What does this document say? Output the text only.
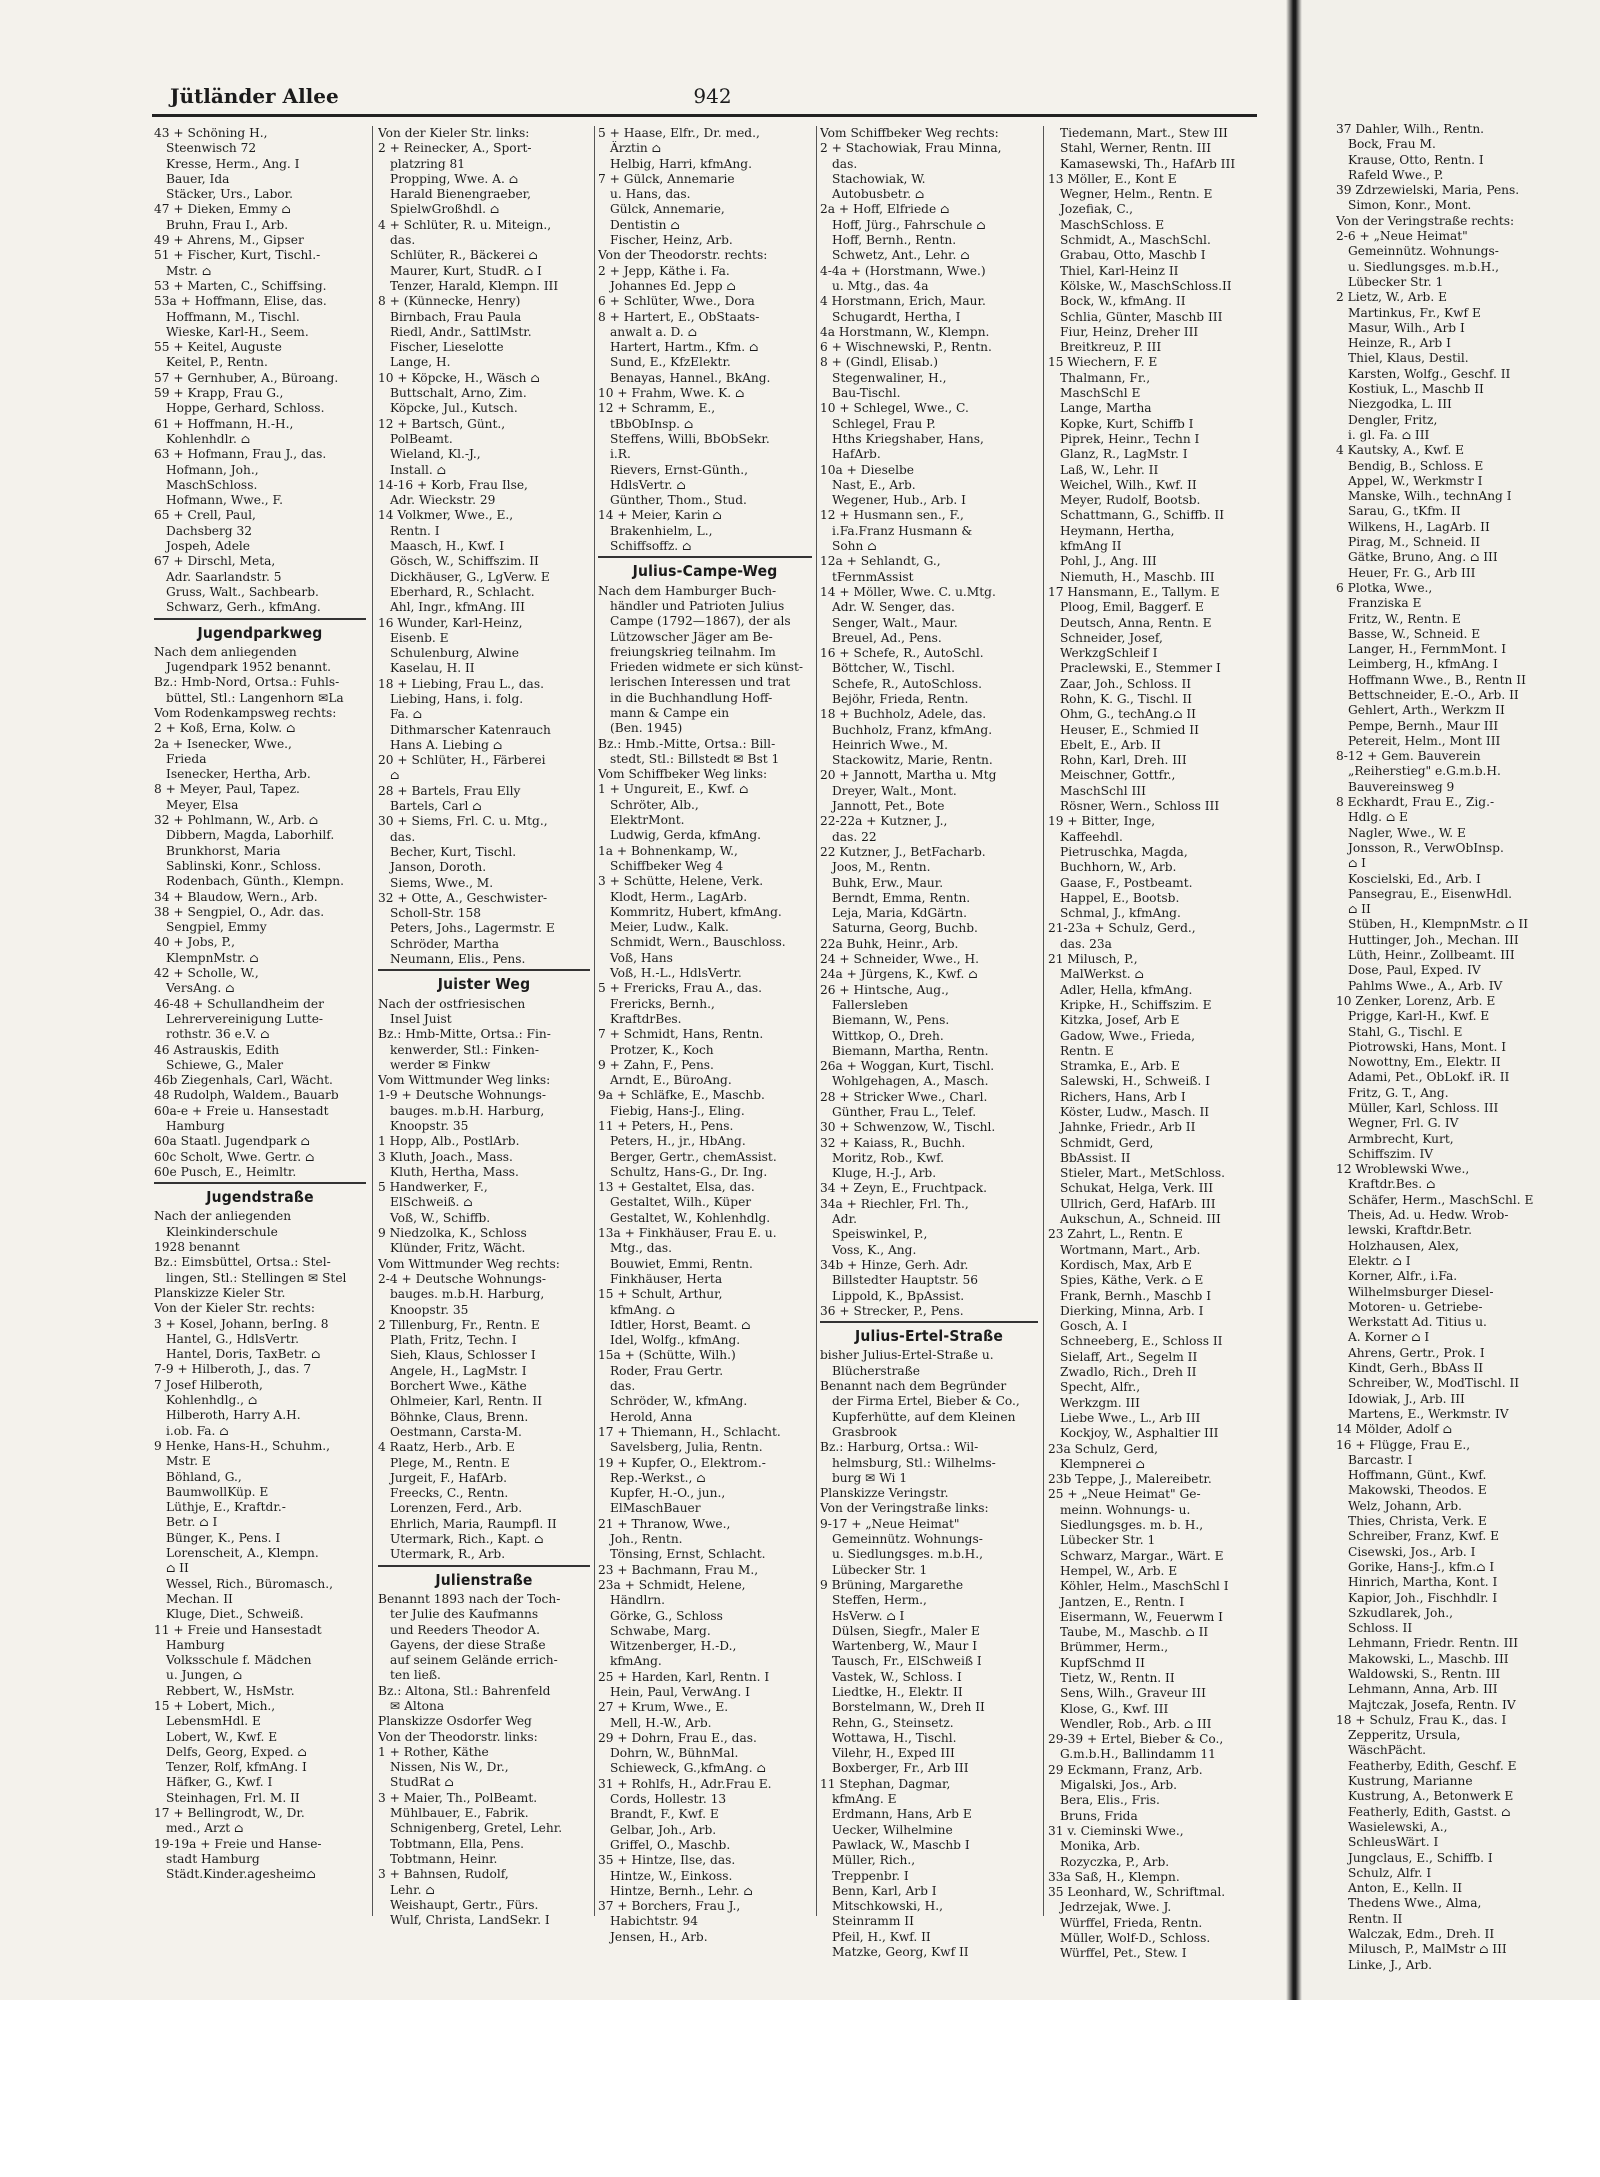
Jütländer Allee	942
43 + Schöning H.,
Steenwisch 72
Kresse, Herm., Ang. I
Bauer, Ida
Stäcker, Urs., Labor.
47 + Dieken, Emmy ⌂
Bruhn, Frau I., Arb.
49 + Ahrens, M., Gipser
51 + Fischer, Kurt, Tischl.-
Mstr. ⌂
53 + Marten, C., Schiffsing.
53a + Hoffmann, Elise, das.
Hoffmann, M., Tischl.
Wieske, Karl-H., Seem.
55 + Keitel, Auguste
Keitel, P., Rentn.
57 + Gernhuber, A., Büroang.
59 + Krapp, Frau G.,
Hoppe, Gerhard, Schloss.
61 + Hoffmann, H.-H.,
Kohlenhdlr. ⌂
63 + Hofmann, Frau J., das.
Hofmann, Joh.,
MaschSchloss.
Hofmann, Wwe., F.
65 + Crell, Paul,
Dachsberg 32
Jospeh, Adele
67 + Dirschl, Meta,
Adr. Saarlandstr. 5
Gruss, Walt., Sachbearb.
Schwarz, Gerh., kfmAng.
Jugendparkweg
Nach dem anliegenden
Jugendpark 1952 benannt.
Bz.: Hmb-Nord, Ortsa.: Fuhls-
büttel, Stl.: Langenhorn ✉La
Vom Rodenkampsweg rechts:
2 + Koß, Erna, Kolw. ⌂
2a + Isenecker, Wwe.,
Frieda
Isenecker, Hertha, Arb.
8 + Meyer, Paul, Tapez.
Meyer, Elsa
32 + Pohlmann, W., Arb. ⌂
Dibbern, Magda, Laborhilf.
Brunkhorst, Maria
Sablinski, Konr., Schloss.
Rodenbach, Günth., Klempn.
34 + Blaudow, Wern., Arb.
38 + Sengpiel, O., Adr. das.
Sengpiel, Emmy
40 + Jobs, P.,
KlempnMstr. ⌂
42 + Scholle, W.,
VersAng. ⌂
46-48 + Schullandheim der
Lehrervereinigung Lutte-
rothstr. 36 e.V. ⌂
46 Astrauskis, Edith
Schiewe, G., Maler
46b Ziegenhals, Carl, Wächt.
48 Rudolph, Waldem., Bauarb
60a-e + Freie u. Hansestadt
Hamburg
60a Staatl. Jugendpark ⌂
60c Scholt, Wwe. Gertr. ⌂
60e Pusch, E., Heimltr.
Jugendstraße
Nach der anliegenden
Kleinkinderschule
1928 benannt
Bz.: Eimsbüttel, Ortsa.: Stel-
lingen, Stl.: Stellingen ✉ Stel
Planskizze Kieler Str.
Von der Kieler Str. rechts:
3 + Kosel, Johann, berIng. 8
Hantel, G., HdlsVertr.
Hantel, Doris, TaxBetr. ⌂
7-9 + Hilberoth, J., das. 7
7 Josef Hilberoth,
Kohlenhdlg., ⌂
Hilberoth, Harry A.H.
i.ob. Fa. ⌂
9 Henke, Hans-H., Schuhm.,
Mstr. E
Böhland, G.,
BaumwollKüp. E
Lüthje, E., Kraftdr.-
Betr. ⌂ I
Bünger, K., Pens. I
Lorenscheit, A., Klempn.
⌂ II
Wessel, Rich., Büromasch.,
Mechan. II
Kluge, Diet., Schweiß.
11 + Freie und Hansestadt
Hamburg
Volksschule f. Mädchen
u. Jungen, ⌂
Rebbert, W., HsMstr.
15 + Lobert, Mich.,
LebensmHdl. E
Lobert, W., Kwf. E
Delfs, Georg, Exped. ⌂
Tenzer, Rolf, kfmAng. I
Häfker, G., Kwf. I
Steinhagen, Frl. M. II
17 + Bellingrodt, W., Dr.
med., Arzt ⌂
19-19a + Freie und Hanse-
stadt Hamburg
Städt.Kinder.agesheim⌂
Von der Kieler Str. links:
2 + Reinecker, A., Sport-
platzring 81
Propping, Wwe. A. ⌂
Harald Bienengraeber,
SpielwGroßhdl. ⌂
4 + Schlüter, R. u. Miteign.,
das.
Schlüter, R., Bäckerei ⌂
Maurer, Kurt, StudR. ⌂ I
Tenzer, Harald, Klempn. III
8 + (Künnecke, Henry)
Birnbach, Frau Paula
Riedl, Andr., SattlMstr.
Fischer, Lieselotte
Lange, H.
10 + Köpcke, H., Wäsch ⌂
Buttschalt, Arno, Zim.
Köpcke, Jul., Kutsch.
12 + Bartsch, Günt.,
PolBeamt.
Wieland, Kl.-J.,
Install. ⌂
14-16 + Korb, Frau Ilse,
Adr. Wieckstr. 29
14 Volkmer, Wwe., E.,
Rentn. I
Maasch, H., Kwf. I
Gösch, W., Schiffszim. II
Dickhäuser, G., LgVerw. E
Eberhard, R., Schlacht.
Ahl, Ingr., kfmAng. III
16 Wunder, Karl-Heinz,
Eisenb. E
Schulenburg, Alwine
Kaselau, H. II
18 + Liebing, Frau L., das.
Liebing, Hans, i. folg.
Fa. ⌂
Dithmarscher Katenrauch
Hans A. Liebing ⌂
20 + Schlüter, H., Färberei
⌂
28 + Bartels, Frau Elly
Bartels, Carl ⌂
30 + Siems, Frl. C. u. Mtg.,
das.
Becher, Kurt, Tischl.
Janson, Doroth.
Siems, Wwe., M.
32 + Otte, A., Geschwister-
Scholl-Str. 158
Peters, Johs., Lagermstr. E
Schröder, Martha
Neumann, Elis., Pens.
Juister Weg
Nach der ostfriesischen
Insel Juist
Bz.: Hmb-Mitte, Ortsa.: Fin-
kenwerder, Stl.: Finken-
werder ✉ Finkw
Vom Wittmunder Weg links:
1-9 + Deutsche Wohnungs-
bauges. m.b.H. Harburg,
Knoopstr. 35
1 Hopp, Alb., PostlArb.
3 Kluth, Joach., Mass.
Kluth, Hertha, Mass.
5 Handwerker, F.,
ElSchweiß. ⌂
Voß, W., Schiffb.
9 Niedzolka, K., Schloss
Klünder, Fritz, Wächt.
Vom Wittmunder Weg rechts:
2-4 + Deutsche Wohnungs-
bauges. m.b.H. Harburg,
Knoopstr. 35
2 Tillenburg, Fr., Rentn. E
Plath, Fritz, Techn. I
Sieh, Klaus, Schlosser I
Angele, H., LagMstr. I
Borchert Wwe., Käthe
Ohlmeier, Karl, Rentn. II
Böhnke, Claus, Brenn.
Oestmann, Carsta-M.
4 Raatz, Herb., Arb. E
Plege, M., Rentn. E
Jurgeit, F., HafArb.
Freecks, C., Rentn.
Lorenzen, Ferd., Arb.
Ehrlich, Maria, Raumpfl. II
Utermark, Rich., Kapt. ⌂
Utermark, R., Arb.
Julienstraße
Benannt 1893 nach der Toch-
ter Julie des Kaufmanns
und Reeders Theodor A.
Gayens, der diese Straße
auf seinem Gelände errich-
ten ließ.
Bz.: Altona, Stl.: Bahrenfeld
✉ Altona
Planskizze Osdorfer Weg
Von der Theodorstr. links:
1 + Rother, Käthe
Nissen, Nis W., Dr.,
StudRat ⌂
3 + Maier, Th., PolBeamt.
Mühlbauer, E., Fabrik.
Schnigenberg, Gretel, Lehr.
Tobtmann, Ella, Pens.
Tobtmann, Heinr.
3 + Bahnsen, Rudolf,
Lehr. ⌂
Weishaupt, Gertr., Fürs.
Wulf, Christa, LandSekr. I
5 + Haase, Elfr., Dr. med.,
Ärztin ⌂
Helbig, Harri, kfmAng.
7 + Gülck, Annemarie
u. Hans, das.
Gülck, Annemarie,
Dentistin ⌂
Fischer, Heinz, Arb.
Von der Theodorstr. rechts:
2 + Jepp, Käthe i. Fa.
Johannes Ed. Jepp ⌂
6 + Schlüter, Wwe., Dora
8 + Hartert, E., ObStaats-
anwalt a. D. ⌂
Hartert, Hartm., Kfm. ⌂
Sund, E., KfzElektr.
Benayas, Hannel., BkAng.
10 + Frahm, Wwe. K. ⌂
12 + Schramm, E.,
tBbObInsp. ⌂
Steffens, Willi, BbObSekr.
i.R.
Rievers, Ernst-Günth.,
HdlsVertr. ⌂
Günther, Thom., Stud.
14 + Meier, Karin ⌂
Brakenhielm, L.,
Schiffsoffz. ⌂
Julius-Campe-Weg
Nach dem Hamburger Buch-
händler und Patrioten Julius
Campe (1792—1867), der als
Lützowscher Jäger am Be-
freiungskrieg teilnahm. Im
Frieden widmete er sich künst-
lerischen Interessen und trat
in die Buchhandlung Hoff-
mann & Campe ein
(Ben. 1945)
Bz.: Hmb.-Mitte, Ortsa.: Bill-
stedt, Stl.: Billstedt ✉ Bst 1
Vom Schiffbeker Weg links:
1 + Ungureit, E., Kwf. ⌂
Schröter, Alb.,
ElektrMont.
Ludwig, Gerda, kfmAng.
1a + Bohnenkamp, W.,
Schiffbeker Weg 4
3 + Schütte, Helene, Verk.
Klodt, Herm., LagArb.
Kommritz, Hubert, kfmAng.
Meier, Ludw., Kalk.
Schmidt, Wern., Bauschloss.
Voß, Hans
Voß, H.-L., HdlsVertr.
5 + Frericks, Frau A., das.
Frericks, Bernh.,
KraftdrBes.
7 + Schmidt, Hans, Rentn.
Protzer, K., Koch
9 + Zahn, F., Pens.
Arndt, E., BüroAng.
9a + Schläfke, E., Maschb.
Fiebig, Hans-J., Eling.
11 + Peters, H., Pens.
Peters, H., jr., HbAng.
Berger, Gertr., chemAssist.
Schultz, Hans-G., Dr. Ing.
13 + Gestaltet, Elsa, das.
Gestaltet, Wilh., Küper
Gestaltet, W., Kohlenhdlg.
13a + Finkhäuser, Frau E. u.
Mtg., das.
Bouwiet, Emmi, Rentn.
Finkhäuser, Herta
15 + Schult, Arthur,
kfmAng. ⌂
Idtler, Horst, Beamt. ⌂
Idel, Wolfg., kfmAng.
15a + (Schütte, Wilh.)
Roder, Frau Gertr.
das.
Schröder, W., kfmAng.
Herold, Anna
17 + Thiemann, H., Schlacht.
Savelsberg, Julia, Rentn.
19 + Kupfer, O., Elektrom.-
Rep.-Werkst., ⌂
Kupfer, H.-O., jun.,
ElMaschBauer
21 + Thranow, Wwe.,
Joh., Rentn.
Tönsing, Ernst, Schlacht.
23 + Bachmann, Frau M.,
23a + Schmidt, Helene,
Händlrn.
Görke, G., Schloss
Schwabe, Marg.
Witzenberger, H.-D.,
kfmAng.
25 + Harden, Karl, Rentn. I
Hein, Paul, VerwAng. I
27 + Krum, Wwe., E.
Mell, H.-W., Arb.
29 + Dohrn, Frau E., das.
Dohrn, W., BühnMal.
Schieweck, G.,kfmAng. ⌂
31 + Rohlfs, H., Adr.Frau E.
Cords, Hollestr. 13
Brandt, F., Kwf. E
Gelbar, Joh., Arb.
Griffel, O., Maschb.
35 + Hintze, Ilse, das.
Hintze, W., Einkoss.
Hintze, Bernh., Lehr. ⌂
37 + Borchers, Frau J.,
Habichtstr. 94
Jensen, H., Arb.
Vom Schiffbeker Weg rechts:
2 + Stachowiak, Frau Minna,
das.
Stachowiak, W.
Autobusbetr. ⌂
2a + Hoff, Elfriede ⌂
Hoff, Jürg., Fahrschule ⌂
Hoff, Bernh., Rentn.
Schwetz, Ant., Lehr. ⌂
4-4a + (Horstmann, Wwe.)
u. Mtg., das. 4a
4 Horstmann, Erich, Maur.
Schugardt, Hertha, I
4a Horstmann, W., Klempn.
6 + Wischnewski, P., Rentn.
8 + (Gindl, Elisab.)
Stegenwaliner, H.,
Bau-Tischl.
10 + Schlegel, Wwe., C.
Schlegel, Frau P.
Hths Kriegshaber, Hans,
HafArb.
10a + Dieselbe
Nast, E., Arb.
Wegener, Hub., Arb. I
12 + Husmann sen., F.,
i.Fa.Franz Husmann &
Sohn ⌂
12a + Sehlandt, G.,
tFernmAssist
14 + Möller, Wwe. C. u.Mtg.
Adr. W. Senger, das.
Senger, Walt., Maur.
Breuel, Ad., Pens.
16 + Schefe, R., AutoSchl.
Böttcher, W., Tischl.
Schefe, R., AutoSchloss.
Bejöhr, Frieda, Rentn.
18 + Buchholz, Adele, das.
Buchholz, Franz, kfmAng.
Heinrich Wwe., M.
Stackowitz, Marie, Rentn.
20 + Jannott, Martha u. Mtg
Dreyer, Walt., Mont.
Jannott, Pet., Bote
22-22a + Kutzner, J.,
das. 22
22 Kutzner, J., BetFacharb.
Joos, M., Rentn.
Buhk, Erw., Maur.
Berndt, Emma, Rentn.
Leja, Maria, KdGärtn.
Saturna, Georg, Buchb.
22a Buhk, Heinr., Arb.
24 + Schneider, Wwe., H.
24a + Jürgens, K., Kwf. ⌂
26 + Hintsche, Aug.,
Fallersleben
Biemann, W., Pens.
Wittkop, O., Dreh.
Biemann, Martha, Rentn.
26a + Woggan, Kurt, Tischl.
Wohlgehagen, A., Masch.
28 + Stricker Wwe., Charl.
Günther, Frau L., Telef.
30 + Schwenzow, W., Tischl.
32 + Kaiass, R., Buchh.
Moritz, Rob., Kwf.
Kluge, H.-J., Arb.
34 + Zeyn, E., Fruchtpack.
34a + Riechler, Frl. Th.,
Adr.
Speiswinkel, P.,
Voss, K., Ang.
34b + Hinze, Gerh. Adr.
Billstedter Hauptstr. 56
Lippold, K., BpAssist.
36 + Strecker, P., Pens.
Julius-Ertel-Straße
bisher Julius-Ertel-Straße u.
Blücherstraße
Benannt nach dem Begründer
der Firma Ertel, Bieber & Co.,
Kupferhütte, auf dem Kleinen
Grasbrook
Bz.: Harburg, Ortsa.: Wil-
helmsburg, Stl.: Wilhelms-
burg ✉ Wi 1
Planskizze Veringstr.
Von der Veringstraße links:
9-17 + „Neue Heimat"
Gemeinnütz. Wohnungs-
u. Siedlungsges. m.b.H.,
Lübecker Str. 1
9 Brüning, Margarethe
Steffen, Herm.,
HsVerw. ⌂ I
Dülsen, Siegfr., Maler E
Wartenberg, W., Maur I
Tausch, Fr., ElSchweiß I
Vastek, W., Schloss. I
Liedtke, H., Elektr. II
Borstelmann, W., Dreh II
Rehn, G., Steinsetz.
Wottawa, H., Tischl.
Vilehr, H., Exped III
Boxberger, Fr., Arb III
11 Stephan, Dagmar,
kfmAng. E
Erdmann, Hans, Arb E
Uecker, Wilhelmine
Pawlack, W., Maschb I
Müller, Rich.,
Treppenbr. I
Benn, Karl, Arb I
Mitschkowski, H.,
Steinramm II
Pfeil, H., Kwf. II
Matzke, Georg, Kwf II
Tiedemann, Mart., Stew III
Stahl, Werner, Rentn. III
Kamasewski, Th., HafArb III
13 Möller, E., Kont E
Wegner, Helm., Rentn. E
Jozefiak, C.,
MaschSchloss. E
Schmidt, A., MaschSchl.
Grabau, Otto, Maschb I
Thiel, Karl-Heinz II
Kölske, W., MaschSchloss.II
Bock, W., kfmAng. II
Schlia, Günter, Maschb III
Fiur, Heinz, Dreher III
Breitkreuz, P. III
15 Wiechern, F. E
Thalmann, Fr.,
MaschSchl E
Lange, Martha
Kopke, Kurt, Schiffb I
Piprek, Heinr., Techn I
Glanz, R., LagMstr. I
Laß, W., Lehr. II
Weichel, Wilh., Kwf. II
Meyer, Rudolf, Bootsb.
Schattmann, G., Schiffb. II
Heymann, Hertha,
kfmAng II
Pohl, J., Ang. III
Niemuth, H., Maschb. III
17 Hansmann, E., Tallym. E
Ploog, Emil, Baggerf. E
Deutsch, Anna, Rentn. E
Schneider, Josef,
WerkzgSchleif I
Praclewski, E., Stemmer I
Zaar, Joh., Schloss. II
Rohn, K. G., Tischl. II
Ohm, G., techAng.⌂ II
Heuser, E., Schmied II
Ebelt, E., Arb. II
Rohn, Karl, Dreh. III
Meischner, Gottfr.,
MaschSchl III
Rösner, Wern., Schloss III
19 + Bitter, Inge,
Kaffeehdl.
Pietruschka, Magda,
Buchhorn, W., Arb.
Gaase, F., Postbeamt.
Happel, E., Bootsb.
Schmal, J., kfmAng.
21-23a + Schulz, Gerd.,
das. 23a
21 Milusch, P.,
MalWerkst. ⌂
Adler, Hella, kfmAng.
Kripke, H., Schiffszim. E
Kitzka, Josef, Arb E
Gadow, Wwe., Frieda,
Rentn. E
Stramka, E., Arb. E
Salewski, H., Schweiß. I
Richers, Hans, Arb I
Köster, Ludw., Masch. II
Jahnke, Friedr., Arb II
Schmidt, Gerd,
BbAssist. II
Stieler, Mart., MetSchloss.
Schukat, Helga, Verk. III
Ullrich, Gerd, HafArb. III
Aukschun, A., Schneid. III
23 Zahrt, L., Rentn. E
Wortmann, Mart., Arb.
Kordisch, Max, Arb E
Spies, Käthe, Verk. ⌂ E
Frank, Bernh., Maschb I
Dierking, Minna, Arb. I
Gosch, A. I
Schneeberg, E., Schloss II
Sielaff, Art., Segelm II
Zwadlo, Rich., Dreh II
Specht, Alfr.,
Werkzgm. III
Liebe Wwe., L., Arb III
Kockjoy, W., Asphaltier III
23a Schulz, Gerd,
Klempnerei ⌂
23b Teppe, J., Malereibetr.
25 + „Neue Heimat" Ge-
meinn. Wohnungs- u.
Siedlungsges. m. b. H.,
Lübecker Str. 1
Schwarz, Margar., Wärt. E
Hempel, W., Arb. E
Köhler, Helm., MaschSchl I
Jantzen, E., Rentn. I
Eisermann, W., Feuerwm I
Taube, M., Maschb. ⌂ II
Brümmer, Herm.,
KupfSchmd II
Tietz, W., Rentn. II
Sens, Wilh., Graveur III
Klose, G., Kwf. III
Wendler, Rob., Arb. ⌂ III
29-39 + Ertel, Bieber & Co.,
G.m.b.H., Ballindamm 11
29 Eckmann, Franz, Arb.
Migalski, Jos., Arb.
Bera, Elis., Fris.
Bruns, Frida
31 v. Cieminski Wwe.,
Monika, Arb.
Rozyczka, P., Arb.
33a Saß, H., Klempn.
35 Leonhard, W., Schriftmal.
Jedrzejak, Wwe. J.
Würffel, Frieda, Rentn.
Müller, Wolf-D., Schloss.
Würffel, Pet., Stew. I
37 Dahler, Wilh., Rentn.
Bock, Frau M.
Krause, Otto, Rentn. I
Rafeld Wwe., P.
39 Zdrzewielski, Maria, Pens.
Simon, Konr., Mont.
Von der Veringstraße rechts:
2-6 + „Neue Heimat"
Gemeinnütz. Wohnungs-
u. Siedlungsges. m.b.H.,
Lübecker Str. 1
2 Lietz, W., Arb. E
Martinkus, Fr., Kwf E
Masur, Wilh., Arb I
Heinze, R., Arb I
Thiel, Klaus, Destil.
Karsten, Wolfg., Geschf. II
Kostiuk, L., Maschb II
Niezgodka, L. III
Dengler, Fritz,
i. gl. Fa. ⌂ III
4 Kautsky, A., Kwf. E
Bendig, B., Schloss. E
Appel, W., Werkmstr I
Manske, Wilh., technAng I
Sarau, G., tKfm. II
Wilkens, H., LagArb. II
Pirag, M., Schneid. II
Gätke, Bruno, Ang. ⌂ III
Heuer, Fr. G., Arb III
6 Plotka, Wwe.,
Franziska E
Fritz, W., Rentn. E
Basse, W., Schneid. E
Langer, H., FernmMont. I
Leimberg, H., kfmAng. I
Hoffmann Wwe., B., Rentn II
Bettschneider, E.-O., Arb. II
Gehlert, Arth., Werkzm II
Pempe, Bernh., Maur III
Petereit, Helm., Mont III
8-12 + Gem. Bauverein
„Reiherstieg" e.G.m.b.H.
Bauvereinsweg 9
8 Eckhardt, Frau E., Zig.-
Hdlg. ⌂ E
Nagler, Wwe., W. E
Jonsson, R., VerwObInsp.
⌂ I
Koscielski, Ed., Arb. I
Pansegrau, E., EisenwHdl.
⌂ II
Stüben, H., KlempnMstr. ⌂ II
Huttinger, Joh., Mechan. III
Lüth, Heinr., Zollbeamt. III
Dose, Paul, Exped. IV
Pahlms Wwe., A., Arb. IV
10 Zenker, Lorenz, Arb. E
Prigge, Karl-H., Kwf. E
Stahl, G., Tischl. E
Piotrowski, Hans, Mont. I
Nowottny, Em., Elektr. II
Adami, Pet., ObLokf. iR. II
Fritz, G. T., Ang.
Müller, Karl, Schloss. III
Wegner, Frl. G. IV
Armbrecht, Kurt,
Schiffszim. IV
12 Wroblewski Wwe.,
Kraftdr.Bes. ⌂
Schäfer, Herm., MaschSchl. E
Theis, Ad. u. Hedw. Wrob-
lewski, Kraftdr.Betr.
Holzhausen, Alex,
Elektr. ⌂ I
Korner, Alfr., i.Fa.
Wilhelmsburger Diesel-
Motoren- u. Getriebe-
Werkstatt Ad. Titius u.
A. Korner ⌂ I
Ahrens, Gertr., Prok. I
Kindt, Gerh., BbAss II
Schreiber, W., ModTischl. II
Idowiak, J., Arb. III
Martens, E., Werkmstr. IV
14 Mölder, Adolf ⌂
16 + Flügge, Frau E.,
Barcastr. I
Hoffmann, Günt., Kwf.
Makowski, Theodos. E
Welz, Johann, Arb.
Thies, Christa, Verk. E
Schreiber, Franz, Kwf. E
Cisewski, Jos., Arb. I
Gorike, Hans-J., kfm.⌂ I
Hinrich, Martha, Kont. I
Kapior, Joh., Fischhdlr. I
Szkudlarek, Joh.,
Schloss. II
Lehmann, Friedr. Rentn. III
Makowski, L., Maschb. III
Waldowski, S., Rentn. III
Lehmann, Anna, Arb. III
Majtczak, Josefa, Rentn. IV
18 + Schulz, Frau K., das. I
Zepperitz, Ursula,
WäschPächt.
Featherby, Edith, Geschf. E
Kustrung, Marianne
Kustrung, A., Betonwerk E
Featherly, Edith, Gastst. ⌂
Wasielewski, A.,
SchleusWärt. I
Jungclaus, E., Schiffb. I
Schulz, Alfr. I
Anton, E., Kelln. II
Thedens Wwe., Alma,
Rentn. II
Walczak, Edm., Dreh. II
Milusch, P., MalMstr ⌂ III
Linke, J., Arb.
